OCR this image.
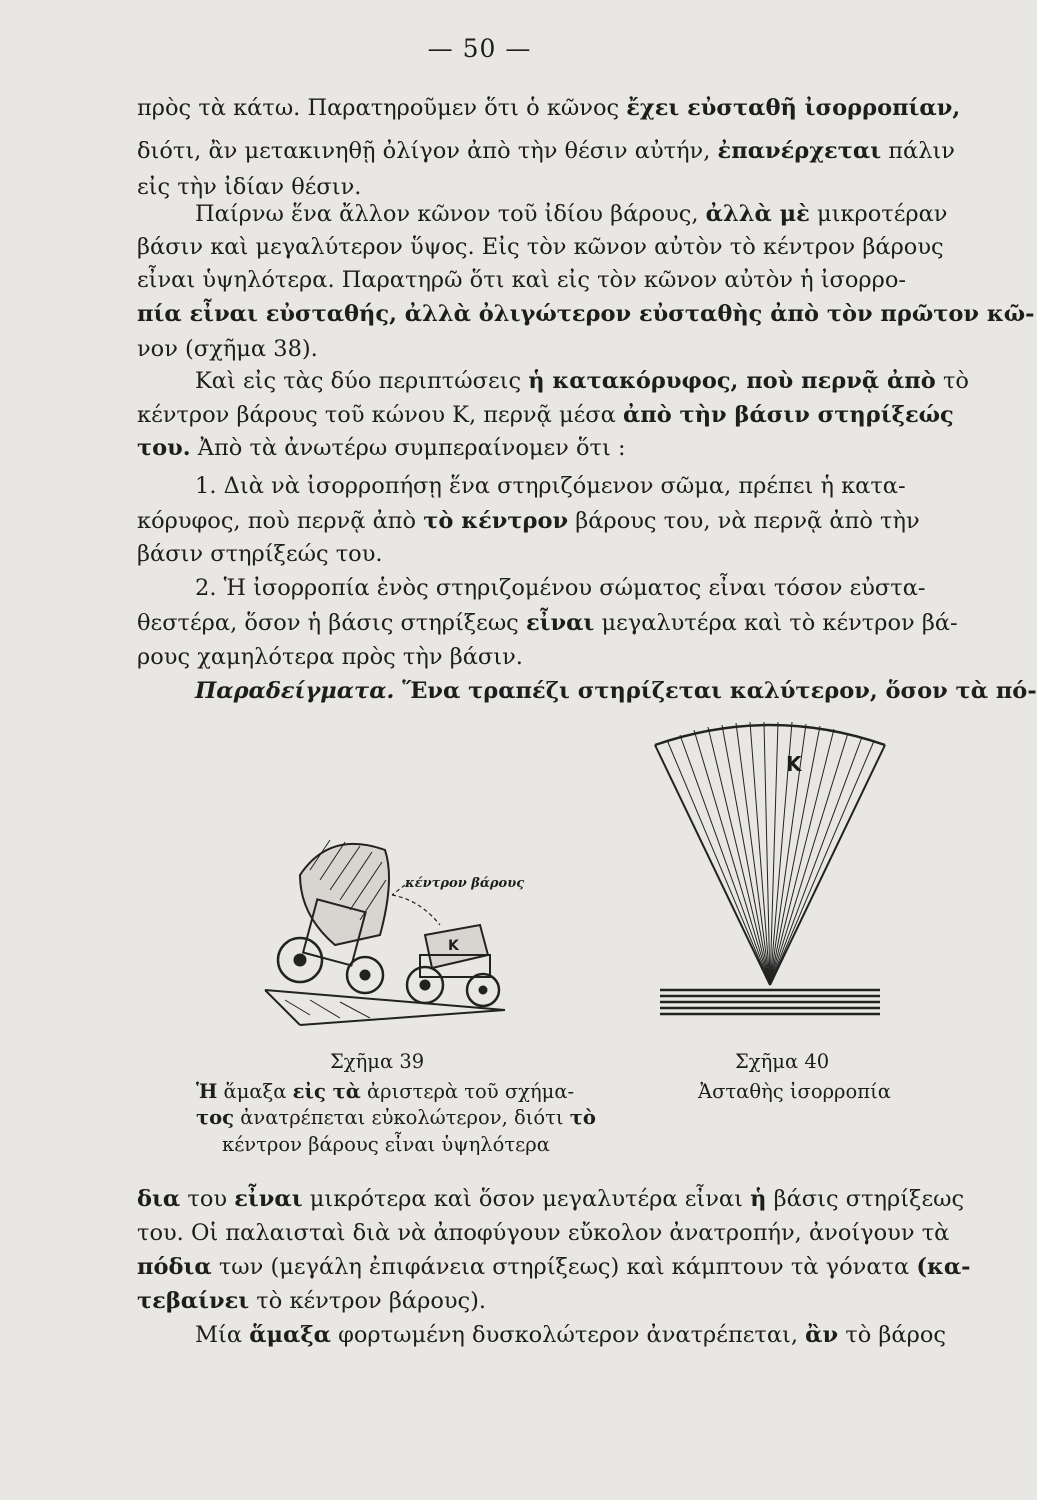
— 50 —
πρὸς τὰ κάτω. Παρατηροῦμεν ὅτι ὁ κῶνος ἔχει εὐσταθῆ ἰσορροπίαν,
διότι, ἂν μετακινηθῇ ὀλίγον ἀπὸ τὴν θέσιν αὐτήν, ἐπανέρχεται πάλιν
εἰς τὴν ἰδίαν θέσιν.
Παίρνω ἕνα ἄλλον κῶνον τοῦ ἰδίου βάρους, ἀλλὰ μὲ μικροτέραν
βάσιν καὶ μεγαλύτερον ὕψος. Εἰς τὸν κῶνον αὐτὸν τὸ κέντρον βάρους
εἶναι ὑψηλότερα. Παρατηρῶ ὅτι καὶ εἰς τὸν κῶνον αὐτὸν ἡ ἰσορρο-
πία εἶναι εὐσταθής, ἀλλὰ ὀλιγώτερον εὐσταθὴς ἀπὸ τὸν πρῶτον κῶ-
νον (σχῆμα 38).
Καὶ εἰς τὰς δύο περιπτώσεις ἡ κατακόρυφος, ποὺ περνᾷ ἀπὸ τὸ
κέντρον βάρους τοῦ κώνου Κ, περνᾷ μέσα ἀπὸ τὴν βάσιν στηρίξεώς
του. Ἀπὸ τὰ ἀνωτέρω συμπεραίνομεν ὅτι :
1. Διὰ νὰ ἰσορροπήσῃ ἕνα στηριζόμενον σῶμα, πρέπει ἡ κατα-
κόρυφος, ποὺ περνᾷ ἀπὸ τὸ κέντρον βάρους του, νὰ περνᾷ ἀπὸ τὴν
βάσιν στηρίξεώς του.
2. Ἡ ἰσορροπία ἑνὸς στηριζομένου σώματος εἶναι τόσον εὐστα-
θεστέρα, ὅσον ἡ βάσις στηρίξεως εἶναι μεγαλυτέρα καὶ τὸ κέντρον βά-
ρους χαμηλότερα πρὸς τὴν βάσιν.
Παραδείγματα. Ἕνα τραπέζι στηρίζεται καλύτερον, ὅσον τὰ πό-
κέντρον βάρους
Κ
Κ
Σχῆμα 39
Ἡ ἅμαξα εἰς τὰ ἀριστερὰ τοῦ σχήμα-
τος ἀνατρέπεται εὐκολώτερον, διότι τὸ
κέντρον βάρους εἶναι ὑψηλότερα
Σχῆμα 40
Ἀσταθὴς ἰσορροπία
δια του εἶναι μικρότερα καὶ ὅσον μεγαλυτέρα εἶναι ἡ βάσις στηρίξεως
του. Οἱ παλαισταὶ διὰ νὰ ἀποφύγουν εὔκολον ἀνατροπήν, ἀνοίγουν τὰ
πόδια των (μεγάλη ἐπιφάνεια στηρίξεως) καὶ κάμπτουν τὰ γόνατα (κα-
τεβαίνει τὸ κέντρον βάρους).
Μία ἅμαξα φορτωμένη δυσκολώτερον ἀνατρέπεται, ἂν τὸ βάρος
